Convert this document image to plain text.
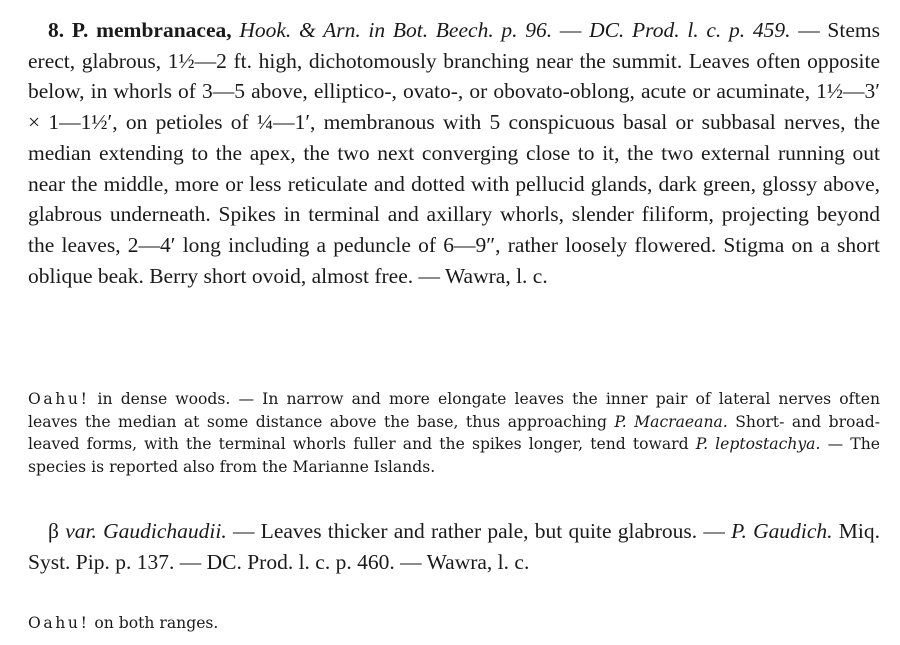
8. P. membranacea, Hook. & Arn. in Bot. Beech. p. 96. — DC. Prod. l. c. p. 459. — Stems erect, glabrous, 1½—2 ft. high, dichotomously branching near the summit. Leaves often opposite below, in whorls of 3—5 above, elliptico-, ovato-, or obovato-oblong, acute or acuminate, 1½—3′ × 1—1½′, on petioles of ¼—1′, membranous with 5 conspicuous basal or subbasal nerves, the median extending to the apex, the two next converging close to it, the two external running out near the middle, more or less reticulate and dotted with pellucid glands, dark green, glossy above, glabrous underneath. Spikes in terminal and axillary whorls, slender filiform, projecting beyond the leaves, 2—4′ long including a peduncle of 6—9″, rather loosely flowered. Stigma on a short oblique beak. Berry short ovoid, almost free. — Wawra, l. c.

Oahu! in dense woods. — In narrow and more elongate leaves the inner pair of lateral nerves often leaves the median at some distance above the base, thus approaching P. Macraeana. Short- and broad-leaved forms, with the terminal whorls fuller and the spikes longer, tend toward P. leptostachya. — The species is reported also from the Marianne Islands.

β var. Gaudichaudii. — Leaves thicker and rather pale, but quite glabrous. — P. Gaudich. Miq. Syst. Pip. p. 137. — DC. Prod. l. c. p. 460. — Wawra, l. c.

Oahu! on both ranges.
